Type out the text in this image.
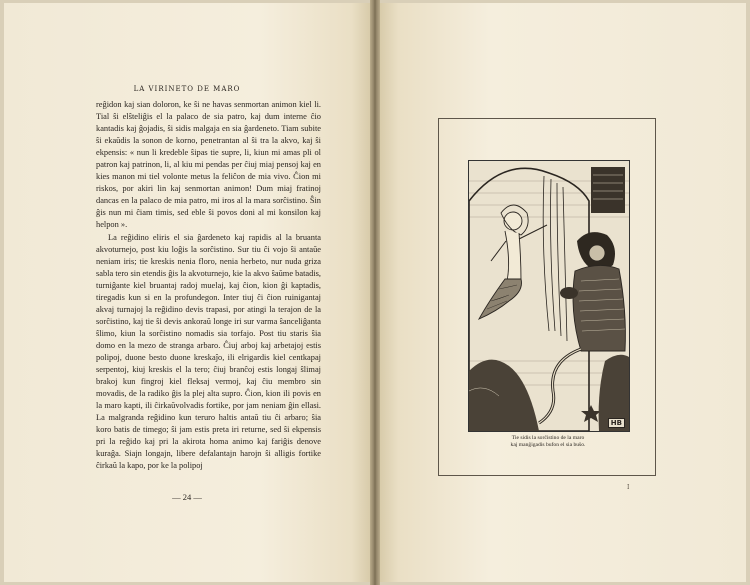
LA VIRINETO DE MARO

reĝidon kaj sian doloron, ke ŝi ne havas senmortan animon kiel li. Tial ŝi elŝteliĝis el la palaco de sia patro, kaj dum interne ĉio kantadis kaj ĝojadis, ŝi sidis malgaja en sia ĝardeneto. Tiam subite ŝi ekaŭdis la sonon de korno, penetrantan al ŝi tra la akvo, kaj ŝi ekpensis: « nun li kredeble ŝipas tie supre, li, kiun mi amas pli ol patron kaj patrinon, li, al kiu mi pendas per ĉiuj miaj pensoj kaj en kies manon mi tiel volonte metus la feliĉon de mia vivo. Ĉion mi riskos, por akiri lin kaj senmortan animon! Dum miaj fratinoj dancas en la palaco de mia patro, mi iros al la mara sorĉistino. Ŝin ĝis nun mi ĉiam timis, sed eble ŝi povos doni al mi konsilon kaj helpon ».

La reĝidino eliris el sia ĝardeneto kaj rapidis al la bruanta akvoturnejo, post kiu loĝis la sorĉistino. Sur tiu ĉi vojo ŝi antaŭe neniam iris; tie kreskis nenia floro, nenia herbeto, nur nuda griza sabla tero sin etendis ĝis la akvoturnejo, kie la akvo ŝaŭme batadis, turniĝante kiel bruantaj radoj muelaj, kaj ĉion, kion ĝi kaptadis, tiregadis kun si en la profundegon. Inter tiuj ĉi ĉion ruinigantaj akvaj turnajoj la reĝidino devis trapasi, por atingi la terajon de la sorĉistino, kaj tie ŝi devis ankoraŭ longe iri sur varma ŝanceliĝanta ŝlimo, kiun la sorĉistino nomadis sia torfajo. Post tiu staris ŝia domo en la mezo de stranga arbaro. Ĉiuj arboj kaj arbetajoj estis polipoj, duone besto duone kreskaĵo, ili elrigardis kiel centkapaj serpentoj, kiuj kreskis el la tero; ĉiuj branĉoj estis longaj ŝlimaj brakoj kun fingroj kiel fleksaj vermoj, kaj ĉiu membro sin movadis, de la radiko ĝis la plej alta supro. Ĉion, kion ili povis en la maro kapti, ili ĉirkaŭvolvadis fortike, por jam neniam ĝin ellasi. La malgranda reĝidino kun teruro haltis antaŭ tiu ĉi arbaro; ŝia koro batis de timego; ŝi jam estis preta iri returne, sed ŝi ekpensis pri la reĝido kaj pri la akirota homa animo kaj fariĝis denove kuraĝa. Siajn longajn, libere defalantajn harojn ŝi alligis fortike ĉirkaŭ la kapo, por ke la polipoj

— 24 —
HB
Tie sidis la sorĉistino de la maro
kaj manĝigadis bufon el sia buŝo.
I
